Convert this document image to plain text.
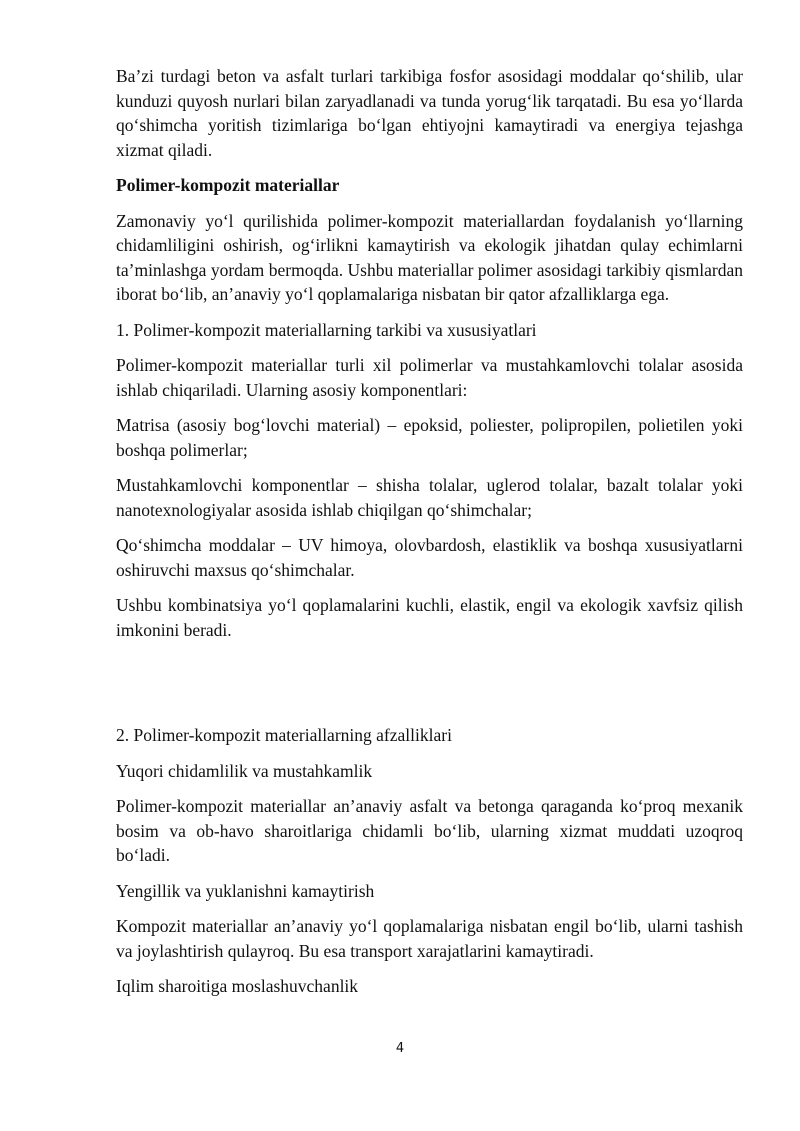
Ba’zi turdagi beton va asfalt turlari tarkibiga fosfor asosidagi moddalar qo‘shilib, ular kunduzi quyosh nurlari bilan zaryadlanadi va tunda yorug‘lik tarqatadi. Bu esa yo‘llarda qo‘shimcha yoritish tizimlariga bo‘lgan ehtiyojni kamaytiradi va energiya tejashga xizmat qiladi.

Polimer-kompozit materiallar

Zamonaviy yo‘l qurilishida polimer-kompozit materiallardan foydalanish yo‘llarning chidamliligini oshirish, og‘irlikni kamaytirish va ekologik jihatdan qulay echimlarni ta’minlashga yordam bermoqda. Ushbu materiallar polimer asosidagi tarkibiy qismlardan iborat bo‘lib, an’anaviy yo‘l qoplamalariga nisbatan bir qator afzalliklarga ega.

1. Polimer-kompozit materiallarning tarkibi va xususiyatlari

Polimer-kompozit materiallar turli xil polimerlar va mustahkamlovchi tolalar asosida ishlab chiqariladi. Ularning asosiy komponentlari:

Matrisa (asosiy bog‘lovchi material) – epoksid, poliester, polipropilen, polietilen yoki boshqa polimerlar;

Mustahkamlovchi komponentlar – shisha tolalar, uglerod tolalar, bazalt tolalar yoki nanotexnologiyalar asosida ishlab chiqilgan qo‘shimchalar;

Qo‘shimcha moddalar – UV himoya, olovbardosh, elastiklik va boshqa xususiyatlarni oshiruvchi maxsus qo‘shimchalar.

Ushbu kombinatsiya yo‘l qoplamalarini kuchli, elastik, engil va ekologik xavfsiz qilish imkonini beradi.

2. Polimer-kompozit materiallarning afzalliklari

Yuqori chidamlilik va mustahkamlik

Polimer-kompozit materiallar an’anaviy asfalt va betonga qaraganda ko‘proq mexanik bosim va ob-havo sharoitlariga chidamli bo‘lib, ularning xizmat muddati uzoqroq bo‘ladi.

Yengillik va yuklanishni kamaytirish

Kompozit materiallar an’anaviy yo‘l qoplamalariga nisbatan engil bo‘lib, ularni tashish va joylashtirish qulayroq. Bu esa transport xarajatlarini kamaytiradi.

Iqlim sharoitiga moslashuvchanlik

4
